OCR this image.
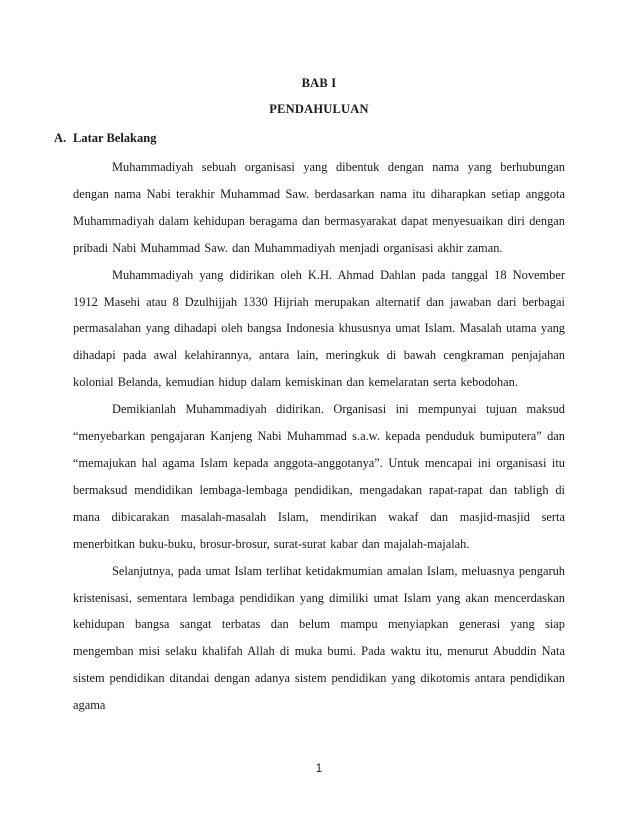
BAB I
PENDAHULUAN
A. Latar Belakang

Muhammadiyah sebuah organisasi yang dibentuk dengan nama yang berhubungan dengan nama Nabi terakhir Muhammad Saw. berdasarkan nama itu diharapkan setiap anggota Muhammadiyah dalam kehidupan beragama dan bermasyarakat dapat menyesuaikan diri dengan pribadi Nabi Muhammad Saw. dan Muhammadiyah menjadi organisasi akhir zaman.

Muhammadiyah yang didirikan oleh K.H. Ahmad Dahlan pada tanggal 18 November 1912 Masehi atau 8 Dzulhijjah 1330 Hijriah merupakan alternatif dan jawaban dari berbagai permasalahan yang dihadapi oleh bangsa Indonesia khususnya umat Islam. Masalah utama yang dihadapi pada awal kelahirannya, antara lain, meringkuk di bawah cengkraman penjajahan kolonial Belanda, kemudian hidup dalam kemiskinan dan kemelaratan serta kebodohan.

Demikianlah Muhammadiyah didirikan. Organisasi ini mempunyai tujuan maksud “menyebarkan pengajaran Kanjeng Nabi Muhammad s.a.w. kepada penduduk bumiputera” dan “memajukan hal agama Islam kepada anggota-anggotanya”. Untuk mencapai ini organisasi itu bermaksud mendidikan lembaga-lembaga pendidikan, mengadakan rapat-rapat dan tabligh di mana dibicarakan masalah-masalah Islam, mendirikan wakaf dan masjid-masjid serta menerbitkan buku-buku, brosur-brosur, surat-surat kabar dan majalah-majalah.

Selanjutnya, pada umat Islam terlihat ketidakmumian amalan Islam, meluasnya pengaruh kristenisasi, sementara lembaga pendidikan yang dimiliki umat Islam yang akan mencerdaskan kehidupan bangsa sangat terbatas dan belum mampu menyiapkan generasi yang siap mengemban misi selaku khalifah Allah di muka bumi. Pada waktu itu, menurut Abuddin Nata sistem pendidikan ditandai dengan adanya sistem pendidikan yang dikotomis antara pendidikan agama

1
